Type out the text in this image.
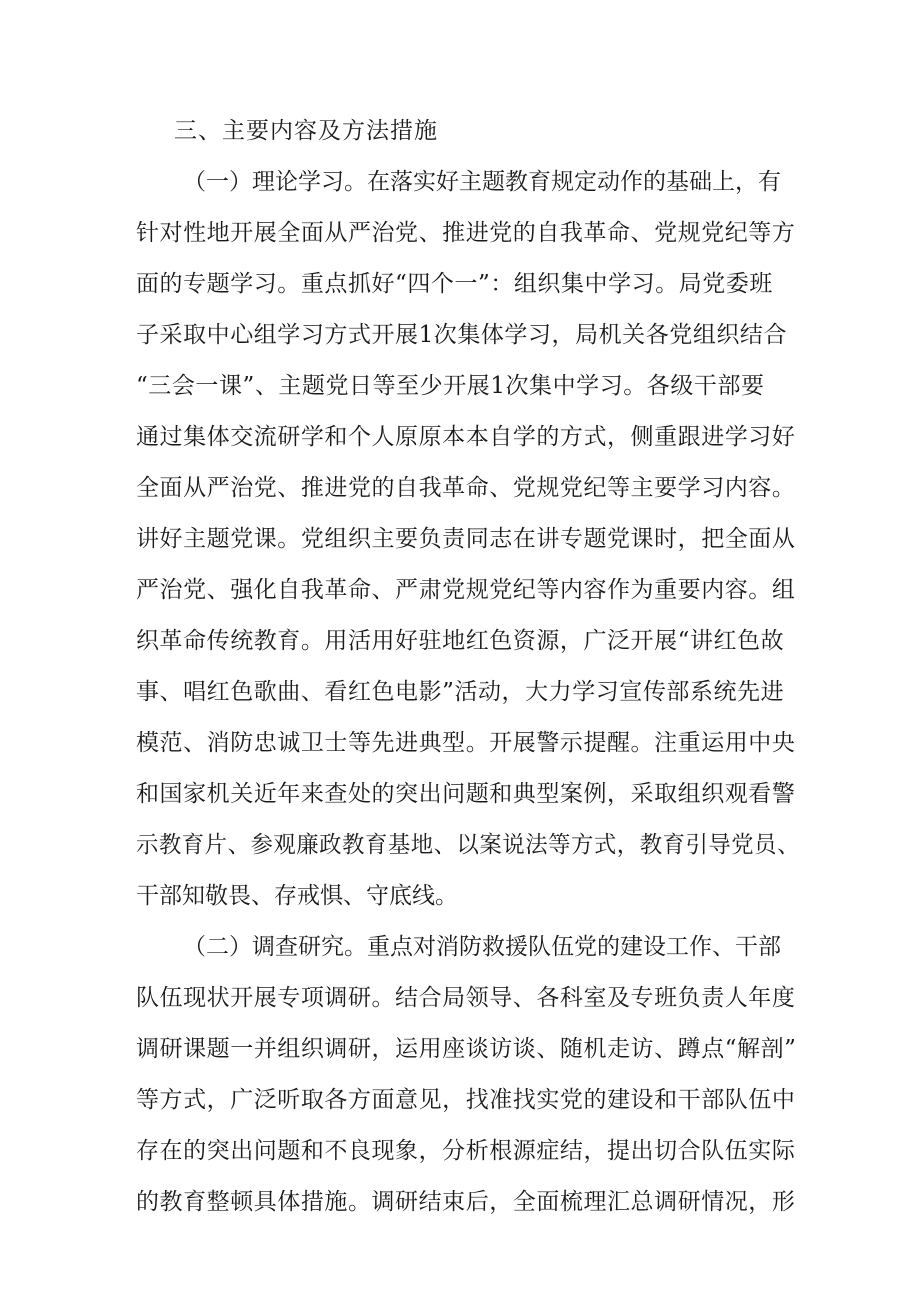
三、主要内容及方法措施
（一）理论学习。在落实好主题教育规定动作的基础上，有
针对性地开展全面从严治党、推进党的自我革命、党规党纪等方
面的专题学习。重点抓好“四个一”：组织集中学习。局党委班
子采取中心组学习方式开展1次集体学习，局机关各党组织结合
“三会一课”、主题党日等至少开展1次集中学习。各级干部要
通过集体交流研学和个人原原本本自学的方式，侧重跟进学习好
全面从严治党、推进党的自我革命、党规党纪等主要学习内容。
讲好主题党课。党组织主要负责同志在讲专题党课时，把全面从
严治党、强化自我革命、严肃党规党纪等内容作为重要内容。组
织革命传统教育。用活用好驻地红色资源，广泛开展“讲红色故
事、唱红色歌曲、看红色电影”活动，大力学习宣传部系统先进
模范、消防忠诚卫士等先进典型。开展警示提醒。注重运用中央
和国家机关近年来查处的突出问题和典型案例，采取组织观看警
示教育片、参观廉政教育基地、以案说法等方式，教育引导党员、
干部知敬畏、存戒惧、守底线。
（二）调查研究。重点对消防救援队伍党的建设工作、干部
队伍现状开展专项调研。结合局领导、各科室及专班负责人年度
调研课题一并组织调研，运用座谈访谈、随机走访、蹲点“解剖”
等方式，广泛听取各方面意见，找准找实党的建设和干部队伍中
存在的突出问题和不良现象，分析根源症结，提出切合队伍实际
的教育整顿具体措施。调研结束后，全面梳理汇总调研情况，形
